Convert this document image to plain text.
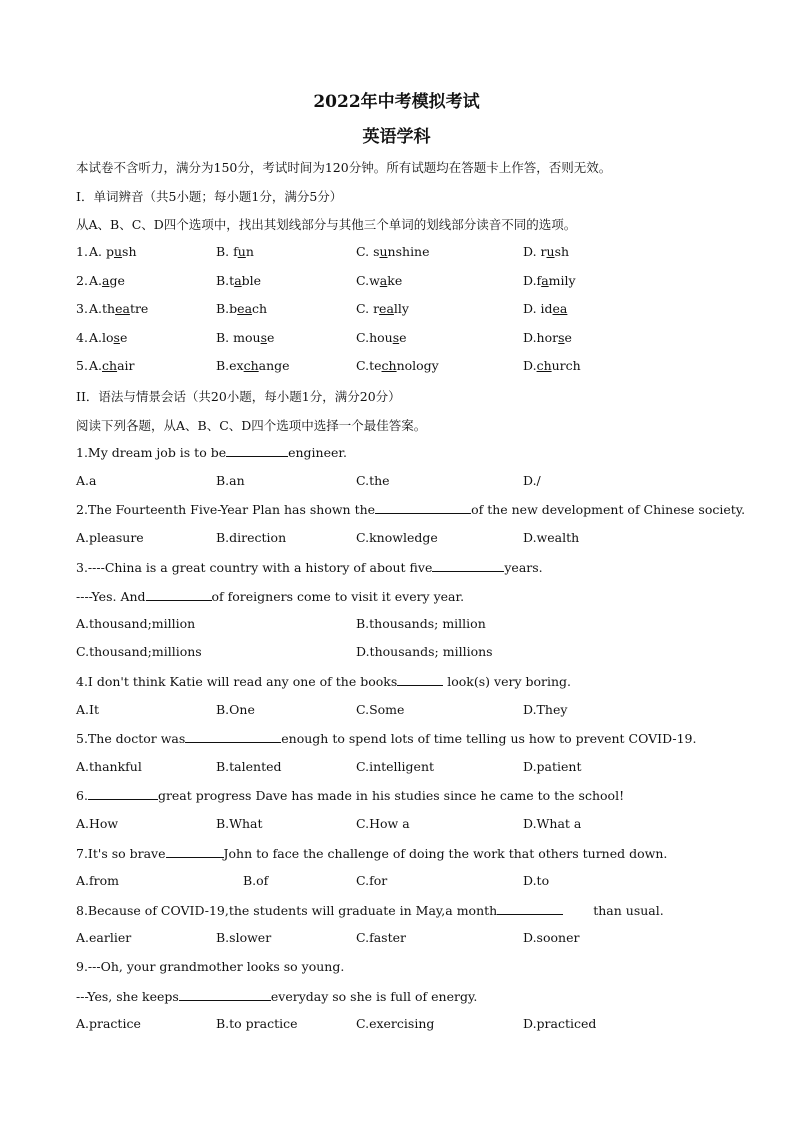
2022年中考模拟考试
英语学科
本试卷不含听力，满分为150分，考试时间为120分钟。所有试题均在答题卡上作答，否则无效。
I．单词辨音（共5小题；每小题1分，满分5分）
从A、B、C、D四个选项中，找出其划线部分与其他三个单词的划线部分读音不同的选项。
1. A. push	B. fun	C. sunshine	D. rush
2. A.age	B.table	C.wake	D.family
3. A.theatre	B.beach	C. really	D. idea
4. A.lose	B. mouse	C.house	D.horse
5. A.chair	B.exchange	C.technology	D.church
II．语法与情景会话（共20小题，每小题1分，满分20分）
阅读下列各题，从A、B、C、D四个选项中选择一个最佳答案。
1.My dream job is to be	engineer.
A.a	B.an	C.the	D./
2.The Fourteenth Five-Year Plan has shown the	of the new development of Chinese society.
A.pleasure	B.direction	C.knowledge	D.wealth
3.----China is a great country with a history of about five	years.
----Yes. And	of foreigners come to visit it every year.
A.thousand;million	B.thousands; million
C.thousand;millions	D.thousands; millions
4.I don't think Katie will read any one of the books	look(s) very boring.
A.It	B.One	C.Some	D.They
5.The doctor was	enough to spend lots of time telling us how to prevent COVID-19.
A.thankful	B.talented	C.intelligent	D.patient
6.	great progress Dave has made in his studies since he came to the school!
A.How	B.What	C.How a	D.What a
7.It's so brave	John to face the challenge of doing the work that others turned down.
A.from	B.of	C.for	D.to
8.Because of COVID-19,the students will graduate in May,a month	than usual.
A.earlier	B.slower	C.faster	D.sooner
9.---Oh, your grandmother looks so young.
---Yes, she keeps	everyday so she is full of energy.
A.practice	B.to practice	C.exercising	D.practiced
